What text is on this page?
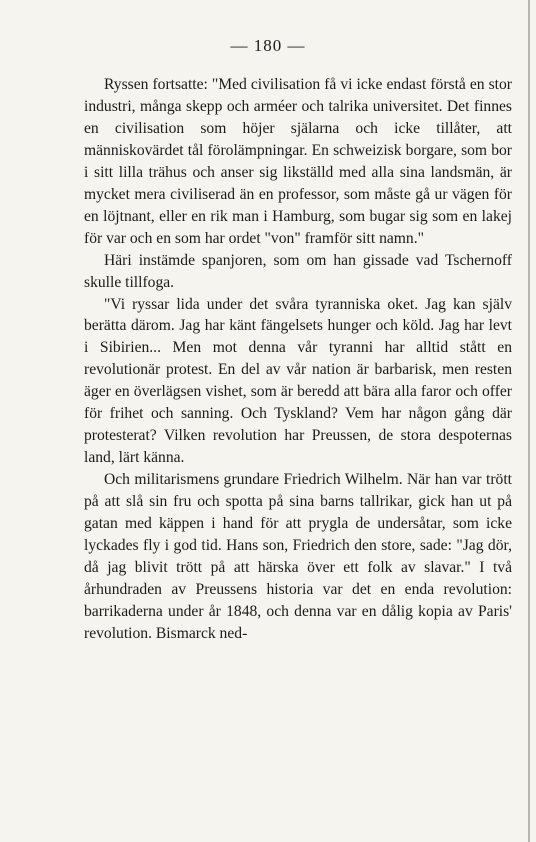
— 180 —

Ryssen fortsatte: "Med civilisation få vi icke endast förstå en stor industri, många skepp och arméer och talrika universitet. Det finnes en civilisation som höjer själarna och icke tillåter, att människovärdet tål förolämpningar. En schweizisk borgare, som bor i sitt lilla trähus och anser sig likställd med alla sina landsmän, är mycket mera civiliserad än en professor, som måste gå ur vägen för en löjtnant, eller en rik man i Hamburg, som bugar sig som en lakej för var och en som har ordet "von" framför sitt namn."

Häri instämde spanjoren, som om han gissade vad Tschernoff skulle tillfoga.

"Vi ryssar lida under det svåra tyranniska oket. Jag kan själv berätta därom. Jag har känt fängelsets hunger och köld. Jag har levt i Sibirien... Men mot denna vår tyranni har alltid stått en revolutionär protest. En del av vår nation är barbarisk, men resten äger en överlägsen vishet, som är beredd att bära alla faror och offer för frihet och sanning. Och Tyskland? Vem har någon gång där protesterat? Vilken revolution har Preussen, de stora despoternas land, lärt känna.

Och militarismens grundare Friedrich Wilhelm. När han var trött på att slå sin fru och spotta på sina barns tallrikar, gick han ut på gatan med käppen i hand för att prygla de undersåtar, som icke lyckades fly i god tid. Hans son, Friedrich den store, sade: "Jag dör, då jag blivit trött på att härska över ett folk av slavar." I två århundraden av Preussens historia var det en enda revolution: barrikaderna under år 1848, och denna var en dålig kopia av Paris' revolution. Bismarck ned-
